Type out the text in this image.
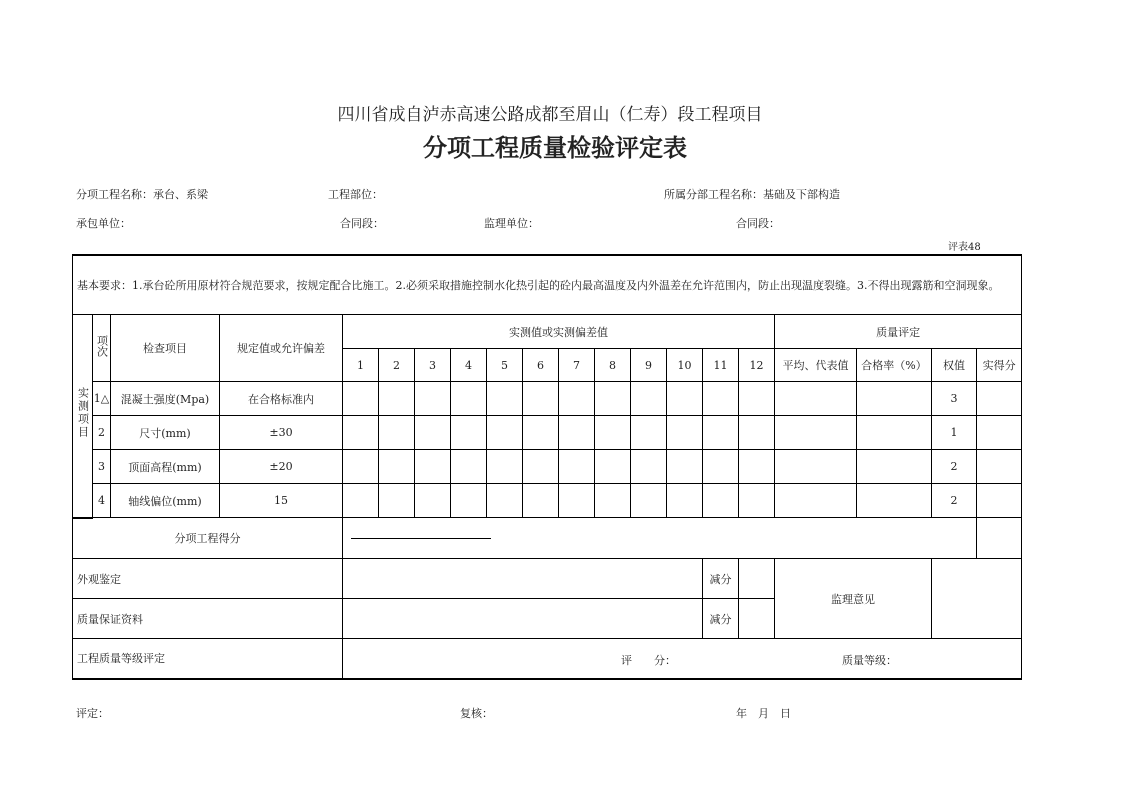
四川省成自泸赤高速公路成都至眉山（仁寿）段工程项目
分项工程质量检验评定表
分项工程名称：承台、系梁	工程部位：	所属分部工程名称：基础及下部构造
承包单位：	合同段：	监理单位：	合同段：
评表48
基本要求：1.承台砼所用原材符合规范要求，按规定配合比施工。2.必须采取措施控制水化热引起的砼内最高温度及内外温差在允许范围内，防止出现温度裂缝。3.不得出现露筋和空洞现象。																			
实测项目	项次	检查项目	规定值或允许偏差	实测值或实测偏差值												质量评定			
				1	2	3	4	5	6	7	8	9	10	11	12	平均、代表值	合格率（%）	权值	实得分
	1△	混凝土强度(Mpa)	在合格标准内															3	
	2	尺寸(mm)	±30															1	
	3	顶面高程(mm)	±20															2	
	4	轴线偏位(mm)	15															2	
分项工程得分																		

外观鉴定														减分		监理意见			
质量保证资料														减分					
工程质量等级评定				评　　分： 质量等级：															
评定：	复核：	年　月　日
